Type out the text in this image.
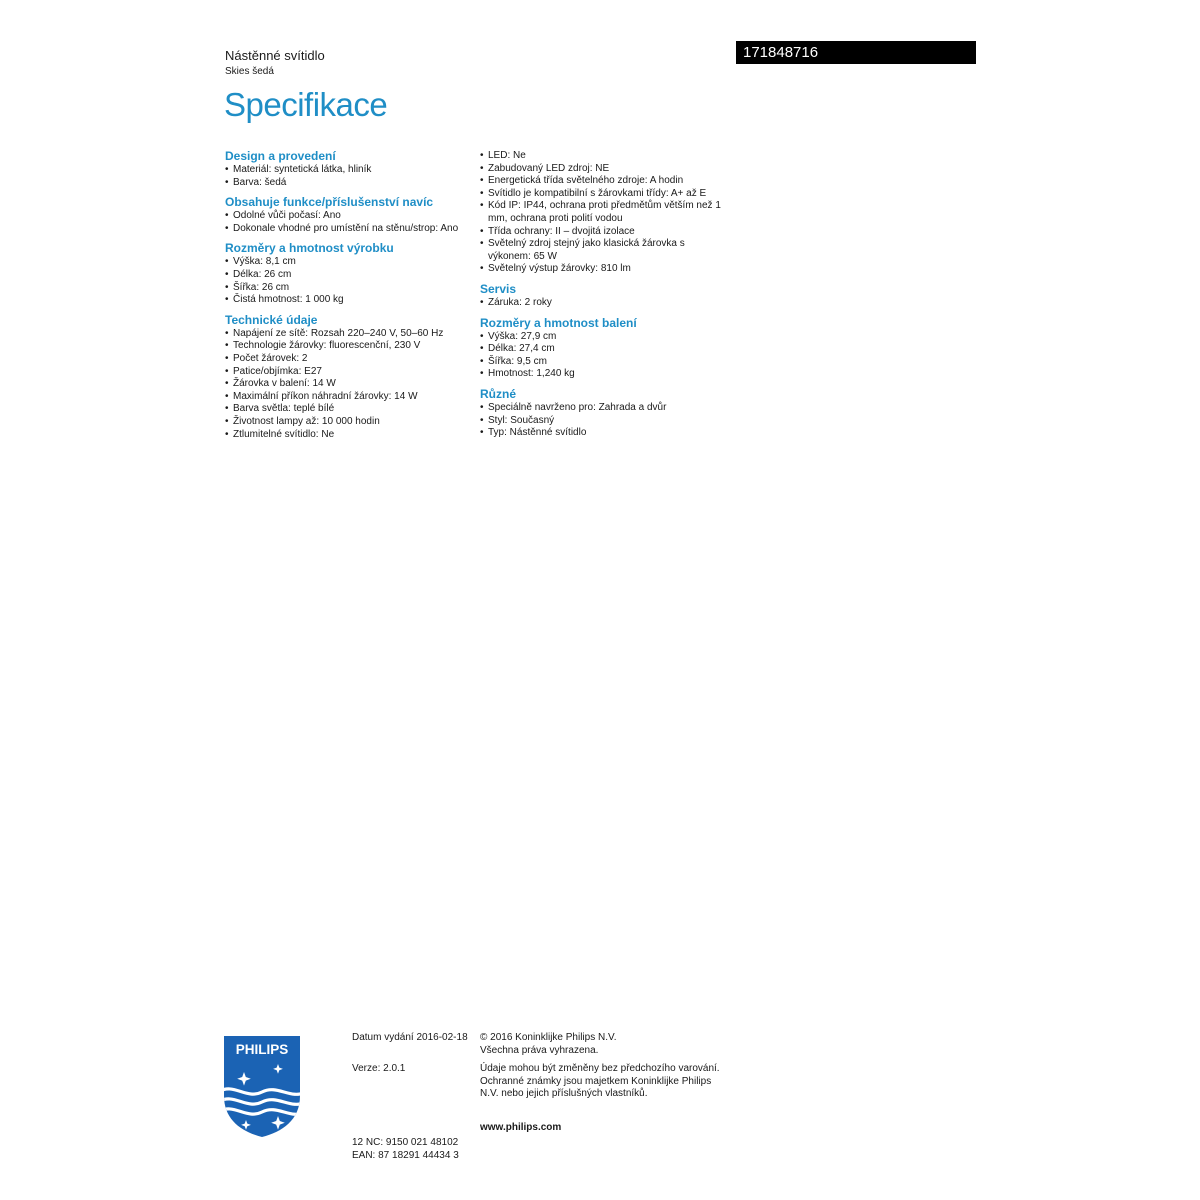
Nástěnné svítidlo
Skies šedá
171848716
Specifikace
Design a provedení
• Materiál: syntetická látka, hliník
• Barva: šedá
Obsahuje funkce/příslušenství navíc
• Odolné vůči počasí: Ano
• Dokonale vhodné pro umístění na stěnu/strop: Ano
Rozměry a hmotnost výrobku
• Výška: 8,1 cm
• Délka: 26 cm
• Šířka: 26 cm
• Čistá hmotnost: 1 000 kg
Technické údaje
• Napájení ze sítě: Rozsah 220–240 V, 50–60 Hz
• Technologie žárovky: fluorescenční, 230 V
• Počet žárovek: 2
• Patice/objímka: E27
• Žárovka v balení: 14 W
• Maximální příkon náhradní žárovky: 14 W
• Barva světla: teplé bílé
• Životnost lampy až: 10 000 hodin
• Ztlumitelné svítidlo: Ne
• LED: Ne
• Zabudovaný LED zdroj: NE
• Energetická třída světelného zdroje: A hodin
• Svítidlo je kompatibilní s žárovkami třídy: A+ až E
• Kód IP: IP44, ochrana proti předmětům větším než 1 mm, ochrana proti polití vodou
• Třída ochrany: II – dvojitá izolace
• Světelný zdroj stejný jako klasická žárovka s výkonem: 65 W
• Světelný výstup žárovky: 810 lm
Servis
• Záruka: 2 roky
Rozměry a hmotnost balení
• Výška: 27,9 cm
• Délka: 27,4 cm
• Šířka: 9,5 cm
• Hmotnost: 1,240 kg
Různé
• Speciálně navrženo pro: Zahrada a dvůr
• Styl: Současný
• Typ: Nástěnné svítidlo
PHILIPS
Datum vydání 2016-02-18
Verze: 2.0.1
12 NC: 9150 021 48102
EAN: 87 18291 44434 3
© 2016 Koninklijke Philips N.V.
Všechna práva vyhrazena.
Údaje mohou být změněny bez předchozího varování. Ochranné známky jsou majetkem Koninklijke Philips N.V. nebo jejich příslušných vlastníků.
www.philips.com
